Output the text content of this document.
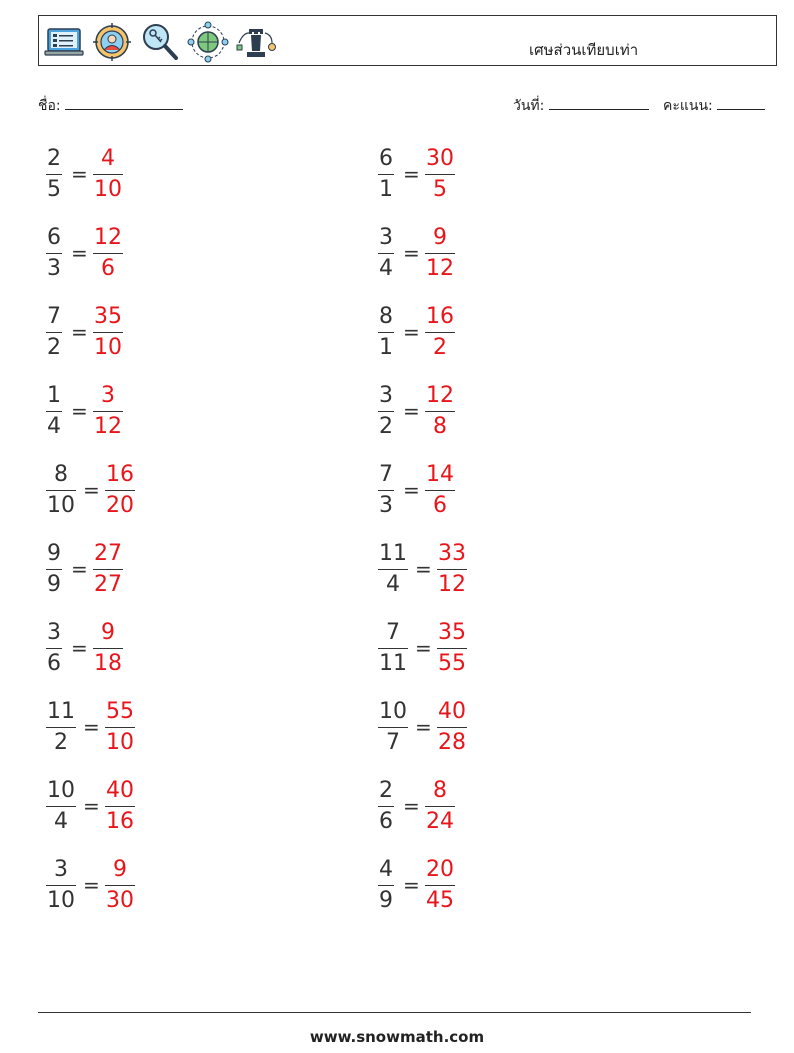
เศษส่วนเทียบเท่า
ชื่อ:	วันที่:	คะแนน:
2
5
=
4
10
6
1
=
30
5
6
3
=
12
6
3
4
=
9
12
7
2
=
35
10
8
1
=
16
2
1
4
=
3
12
3
2
=
12
8
8
10
=
16
20
7
3
=
14
6
9
9
=
27
27
11
4
=
33
12
3
6
=
9
18
7
11
=
35
55
11
2
=
55
10
10
7
=
40
28
10
4
=
40
16
2
6
=
8
24
3
10
=
9
30
4
9
=
20
45
www.snowmath.com
